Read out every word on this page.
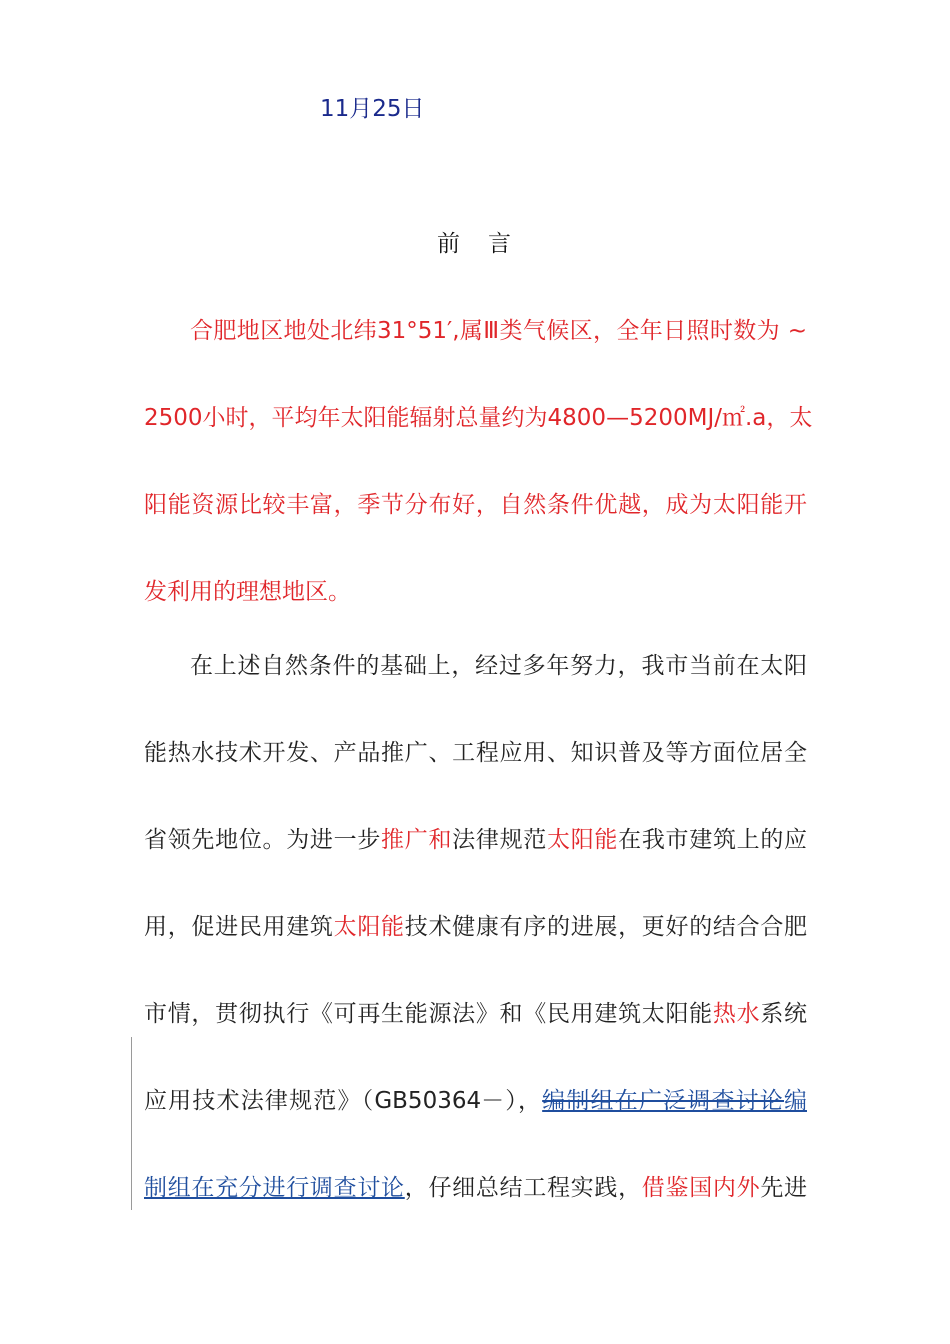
11月25日
前 言
合肥地区地处北纬31°51′,属Ⅲ类气候区，全年日照时数为 ~
2500小时，平均年太阳能辐射总量约为4800—5200MJ/㎡.a，太
阳能资源比较丰富，季节分布好，自然条件优越，成为太阳能开
发利用的理想地区。
在上述自然条件的基础上，经过多年努力，我市当前在太阳
能热水技术开发、产品推广、工程应用、知识普及等方面位居全
省领先地位。为进一步推广和法律规范太阳能在我市建筑上的应
用，促进民用建筑太阳能技术健康有序的进展，更好的结合合肥
市情，贯彻执行《可再生能源法》和《民用建筑太阳能热水系统
应用技术法律规范》（GB50364－），编制组在广泛调查讨论编
制组在充分进行调查讨论，仔细总结工程实践，借鉴国内外先进
